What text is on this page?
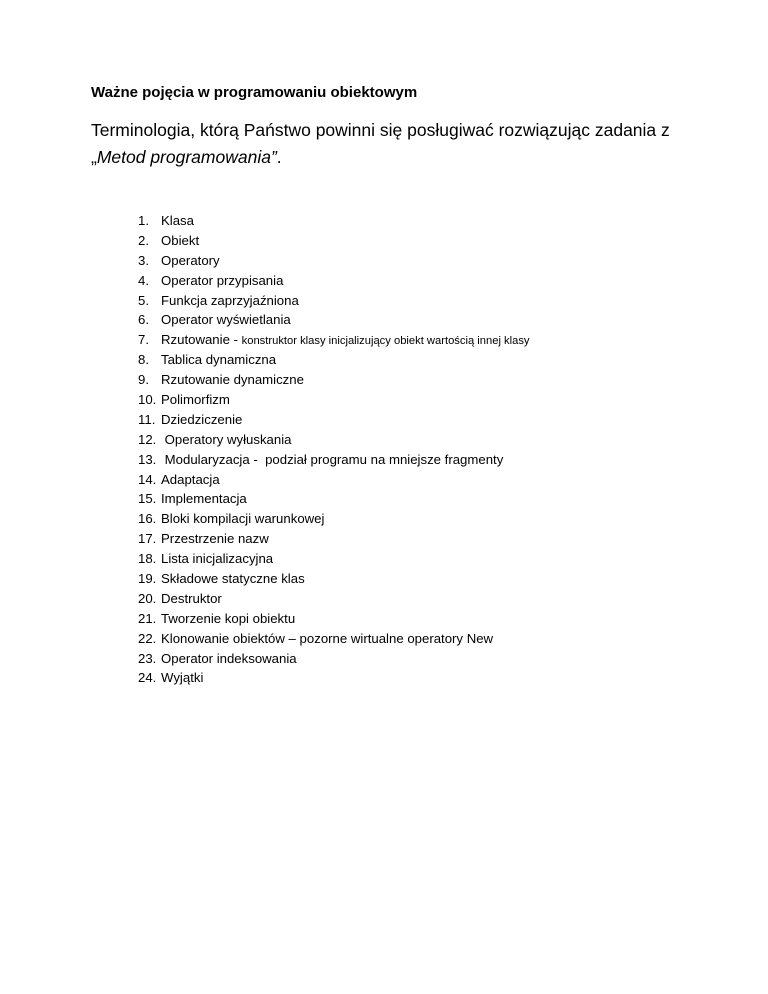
Ważne pojęcia w programowaniu obiektowym
Terminologia, którą Państwo powinni się posługiwać rozwiązując zadania z
„Metod programowania”.
1. Klasa
2. Obiekt
3. Operatory
4. Operator przypisania
5. Funkcja zaprzyjaźniona
6. Operator wyświetlania
7. Rzutowanie - konstruktor klasy inicjalizujący obiekt wartością innej klasy
8. Tablica dynamiczna
9. Rzutowanie dynamiczne
10. Polimorfizm
11. Dziedziczenie
12. Operatory wyłuskania
13. Modularyzacja -  podział programu na mniejsze fragmenty
14. Adaptacja
15. Implementacja
16. Bloki kompilacji warunkowej
17. Przestrzenie nazw
18. Lista inicjalizacyjna
19. Składowe statyczne klas
20. Destruktor
21. Tworzenie kopi obiektu
22. Klonowanie obiektów – pozorne wirtualne operatory New
23. Operator indeksowania
24. Wyjątki
